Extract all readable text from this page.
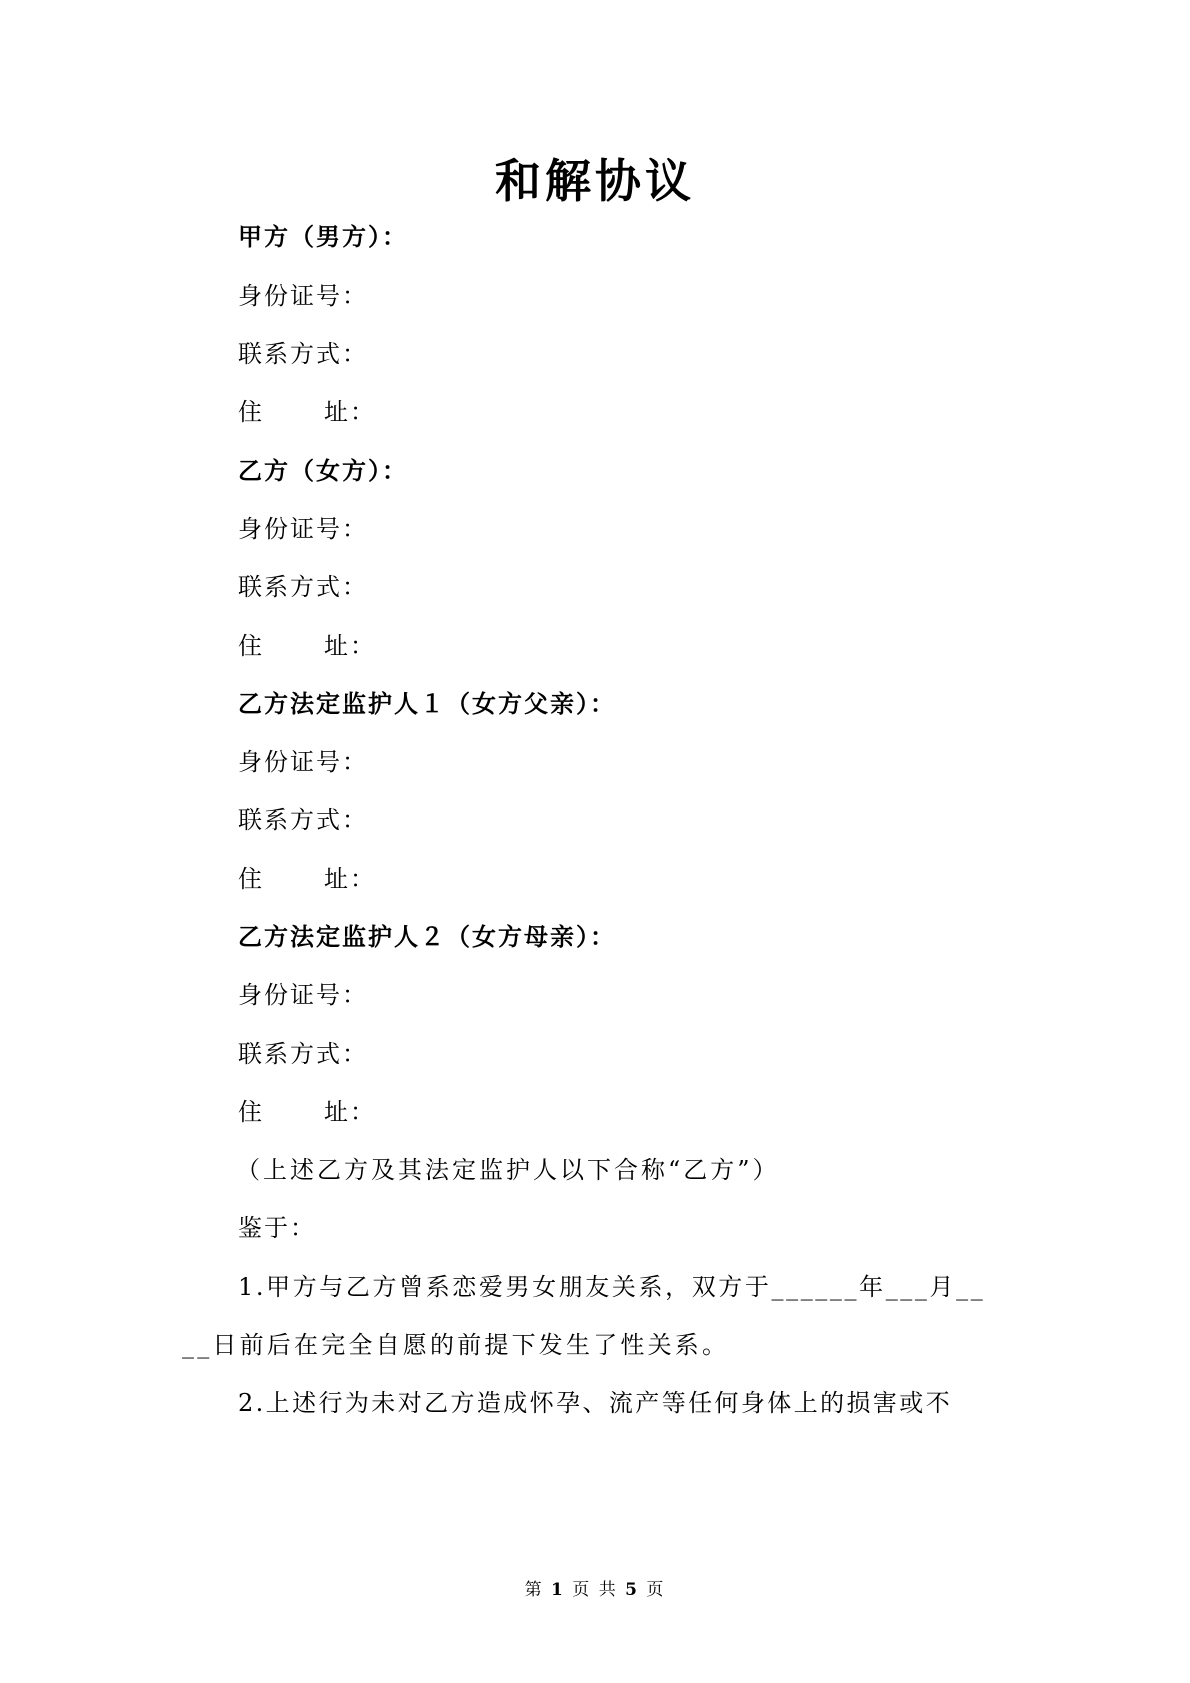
和解协议
甲方（男方）：
身份证号：
联系方式：
住	址：
乙方（女方）：
身份证号：
联系方式：
住	址：
乙方法定监护人１（女方父亲）：
身份证号：
联系方式：
住	址：
乙方法定监护人２（女方母亲）：
身份证号：
联系方式：
住	址：
（上述乙方及其法定监护人以下合称“乙方”）
鉴于：
1.甲方与乙方曾系恋爱男女朋友关系，双方于______年___月__
__日前后在完全自愿的前提下发生了性关系。
2.上述行为未对乙方造成怀孕、流产等任何身体上的损害或不
第 1 页 共 5 页
